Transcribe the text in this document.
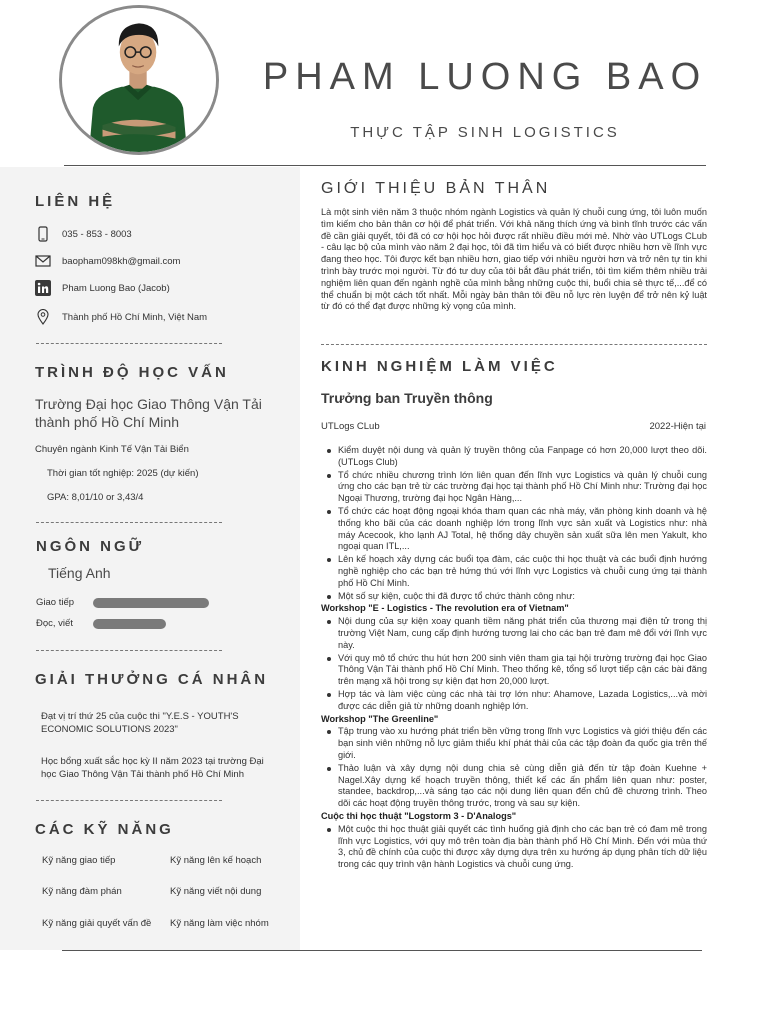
PHAM LUONG BAO
THỰC TẬP SINH LOGISTICS
LIÊN HỆ
035 - 853 - 8003
baopham098kh@gmail.com
Pham Luong Bao (Jacob)
Thành phố Hồ Chí Minh, Việt Nam
TRÌNH ĐỘ HỌC VẤN
Trường Đại học Giao Thông Vận Tải thành phố Hồ Chí Minh
Chuyên ngành Kinh Tế Vận Tải Biển
Thời gian tốt nghiệp: 2025 (dự kiến)
GPA: 8,01/10 or 3,43/4
NGÔN NGỮ
Tiếng Anh
Giao tiếp
Đọc, viết
GIẢI THƯỞNG CÁ NHÂN
Đạt vị trí thứ 25 của cuộc thi "Y.E.S - YOUTH'S ECONOMIC SOLUTIONS 2023"
Học bổng xuất sắc học kỳ II năm 2023 tại trường Đại học Giao Thông Vận Tải thành phố Hồ Chí Minh
CÁC KỸ NĂNG
Kỹ năng giao tiếp	Kỹ năng lên kế hoạch
Kỹ năng đàm phán	Kỹ năng viết nội dung
Kỹ năng giải quyết vấn đề Kỹ năng làm việc nhóm
GIỚI THIỆU BẢN THÂN
Là một sinh viên năm 3 thuộc nhóm ngành Logistics và quản lý chuỗi cung ứng, tôi luôn muốn tìm kiếm cho bản thân cơ hội để phát triển. Với khả năng thích ứng và bình tĩnh trước các vấn đề cần giải quyết, tôi đã có cơ hội học hỏi được rất nhiều điều mới mẻ. Nhờ vào UTLogs CLub - câu lạc bộ của mình vào năm 2 đại học, tôi đã tìm hiểu và có biết được nhiều hơn về lĩnh vực đang theo học. Tôi được kết bạn nhiều hơn, giao tiếp với nhiều người hơn và trở nên tự tin khi trình bày trước mọi người. Từ đó tư duy của tôi bắt đầu phát triển, tôi tìm kiếm thêm nhiều trải nghiệm liên quan đến ngành nghề của mình bằng những cuộc thi, buổi chia sẻ thực tế,...để có thể chuẩn bị một cách tốt nhất. Mỗi ngày bản thân tôi đều nỗ lực rèn luyện để trở nên kỷ luật từ đó có thể đạt được những kỳ vọng của mình.
KINH NGHIỆM LÀM VIỆC
Trưởng ban Truyền thông
UTLogs CLub	2022-Hiện tại
Kiểm duyệt nội dung và quản lý truyền thông của Fanpage có hơn 20,000 lượt theo dõi. (UTLogs Club)
Tổ chức nhiều chương trình lớn liên quan đến lĩnh vực Logistics và quản lý chuỗi cung ứng cho các bạn trẻ từ các trường đại học tại thành phố Hồ Chí Minh như: Trường đại học Ngoại Thương, trường đại học Ngân Hàng,...
Tổ chức các hoạt động ngoại khóa tham quan các nhà máy, văn phòng kinh doanh và hệ thống kho bãi của các doanh nghiệp lớn trong lĩnh vực sản xuất và Logistics như: nhà máy Acecook, kho lạnh AJ Total, hệ thống dây chuyền sản xuất sữa lên men Yakult, kho ngoại quan ITL,...
Lên kế hoạch xây dựng các buổi tọa đàm, các cuộc thi học thuật và các buổi định hướng nghề nghiệp cho các bạn trẻ hứng thú với lĩnh vực Logistics và chuỗi cung ứng tại thành phố Hồ Chí Minh.
Một số sự kiện, cuộc thi đã được tổ chức thành công như:
Workshop "E - Logistics - The revolution era of Vietnam"
Nội dung của sự kiện xoay quanh tiềm năng phát triển của thương mại điện tử trong thị trường Việt Nam, cung cấp định hướng tương lai cho các bạn trẻ đam mê đổi với lĩnh vực này.
Với quy mô tổ chức thu hút hơn 200 sinh viên tham gia tại hội trường trường đại học Giao Thông Vận Tải thành phố Hồ Chí Minh. Theo thống kê, tổng số lượt tiếp cận các bài đăng trên mạng xã hội trong sự kiện đạt hơn 20,000 lượt.
Hợp tác và làm việc cùng các nhà tài trợ lớn như: Ahamove, Lazada Logistics,...và mời được các diễn giả từ những doanh nghiệp lớn.
Workshop "The Greenline"
Tập trung vào xu hướng phát triển bền vững trong lĩnh vực Logistics và giới thiệu đến các bạn sinh viên những nỗ lực giảm thiểu khí phát thải của các tập đoàn đa quốc gia trên thế giới.
Thảo luận và xây dựng nội dung chia sẻ cùng diễn giả đến từ tập đoàn Kuehne + Nagel.Xây dựng kế hoạch truyền thông, thiết kế các ấn phẩm liên quan như: poster, standee, backdrop,...và sáng tạo các nội dung liên quan đến chủ đề chương trình. Theo dõi các hoạt động truyền thông trước, trong và sau sự kiện.
Cuộc thi học thuật "Logstorm 3 - D'Analogs"
Một cuộc thi học thuật giải quyết các tình huống giả định cho các bạn trẻ có đam mê trong lĩnh vực Logistics, với quy mô trên toàn địa bàn thành phố Hồ Chí Minh. Đến với mùa thứ 3, chủ đề chính của cuộc thi được xây dựng dựa trên xu hướng áp dụng phân tích dữ liệu trong các quy trình vận hành Logistics và chuỗi cung ứng.
